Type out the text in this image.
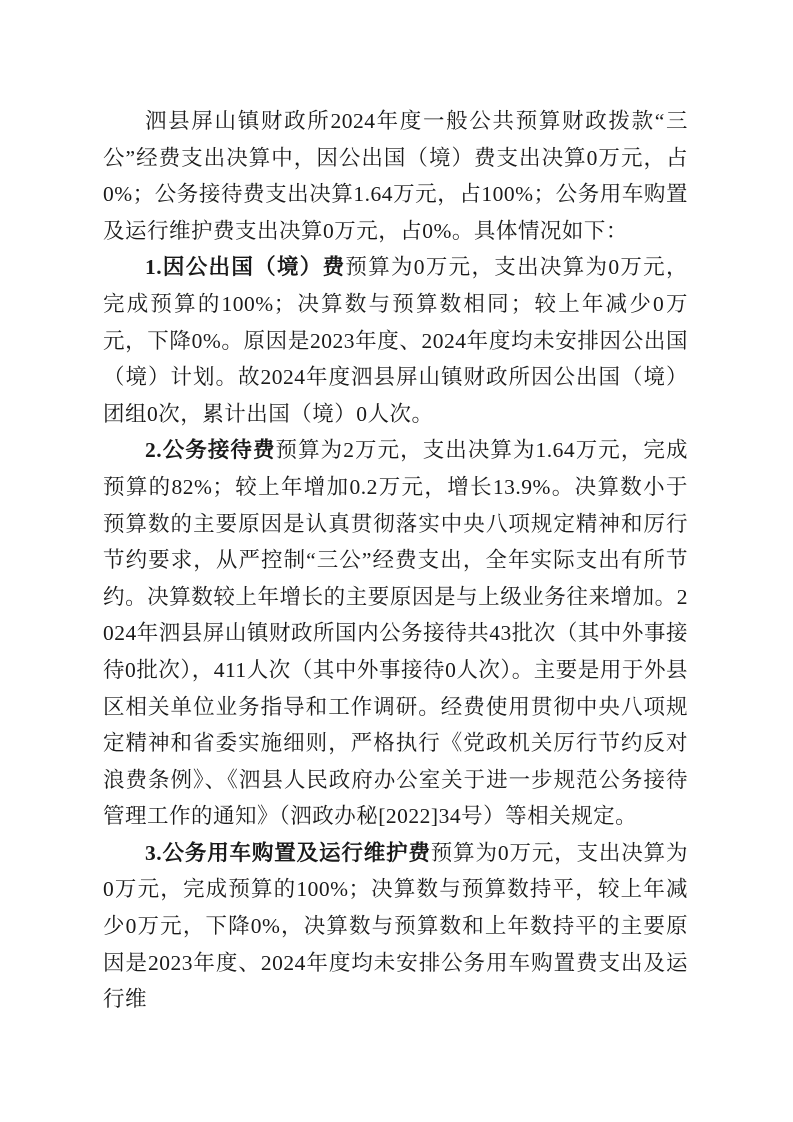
泗县屏山镇财政所2024年度一般公共预算财政拨款“三公”经费支出决算中，因公出国（境）费支出决算0万元，占0%；公务接待费支出决算1.64万元，占100%；公务用车购置及运行维护费支出决算0万元，占0%。具体情况如下：

1.因公出国（境）费预算为0万元，支出决算为0万元，完成预算的100%；决算数与预算数相同；较上年减少0万元，下降0%。原因是2023年度、2024年度均未安排因公出国（境）计划。故2024年度泗县屏山镇财政所因公出国（境）团组0次，累计出国（境）0人次。

2.公务接待费预算为2万元，支出决算为1.64万元，完成预算的82%；较上年增加0.2万元，增长13.9%。决算数小于预算数的主要原因是认真贯彻落实中央八项规定精神和厉行节约要求，从严控制“三公”经费支出，全年实际支出有所节约。决算数较上年增长的主要原因是与上级业务往来增加。2024年泗县屏山镇财政所国内公务接待共43批次（其中外事接待0批次），411人次（其中外事接待0人次）。主要是用于外县区相关单位业务指导和工作调研。经费使用贯彻中央八项规定精神和省委实施细则，严格执行《党政机关厉行节约反对浪费条例》、《泗县人民政府办公室关于进一步规范公务接待管理工作的通知》（泗政办秘[2022]34号）等相关规定。

3.公务用车购置及运行维护费预算为0万元，支出决算为0万元，完成预算的100%；决算数与预算数持平，较上年减少0万元，下降0%，决算数与预算数和上年数持平的主要原因是2023年度、2024年度均未安排公务用车购置费支出及运行维
